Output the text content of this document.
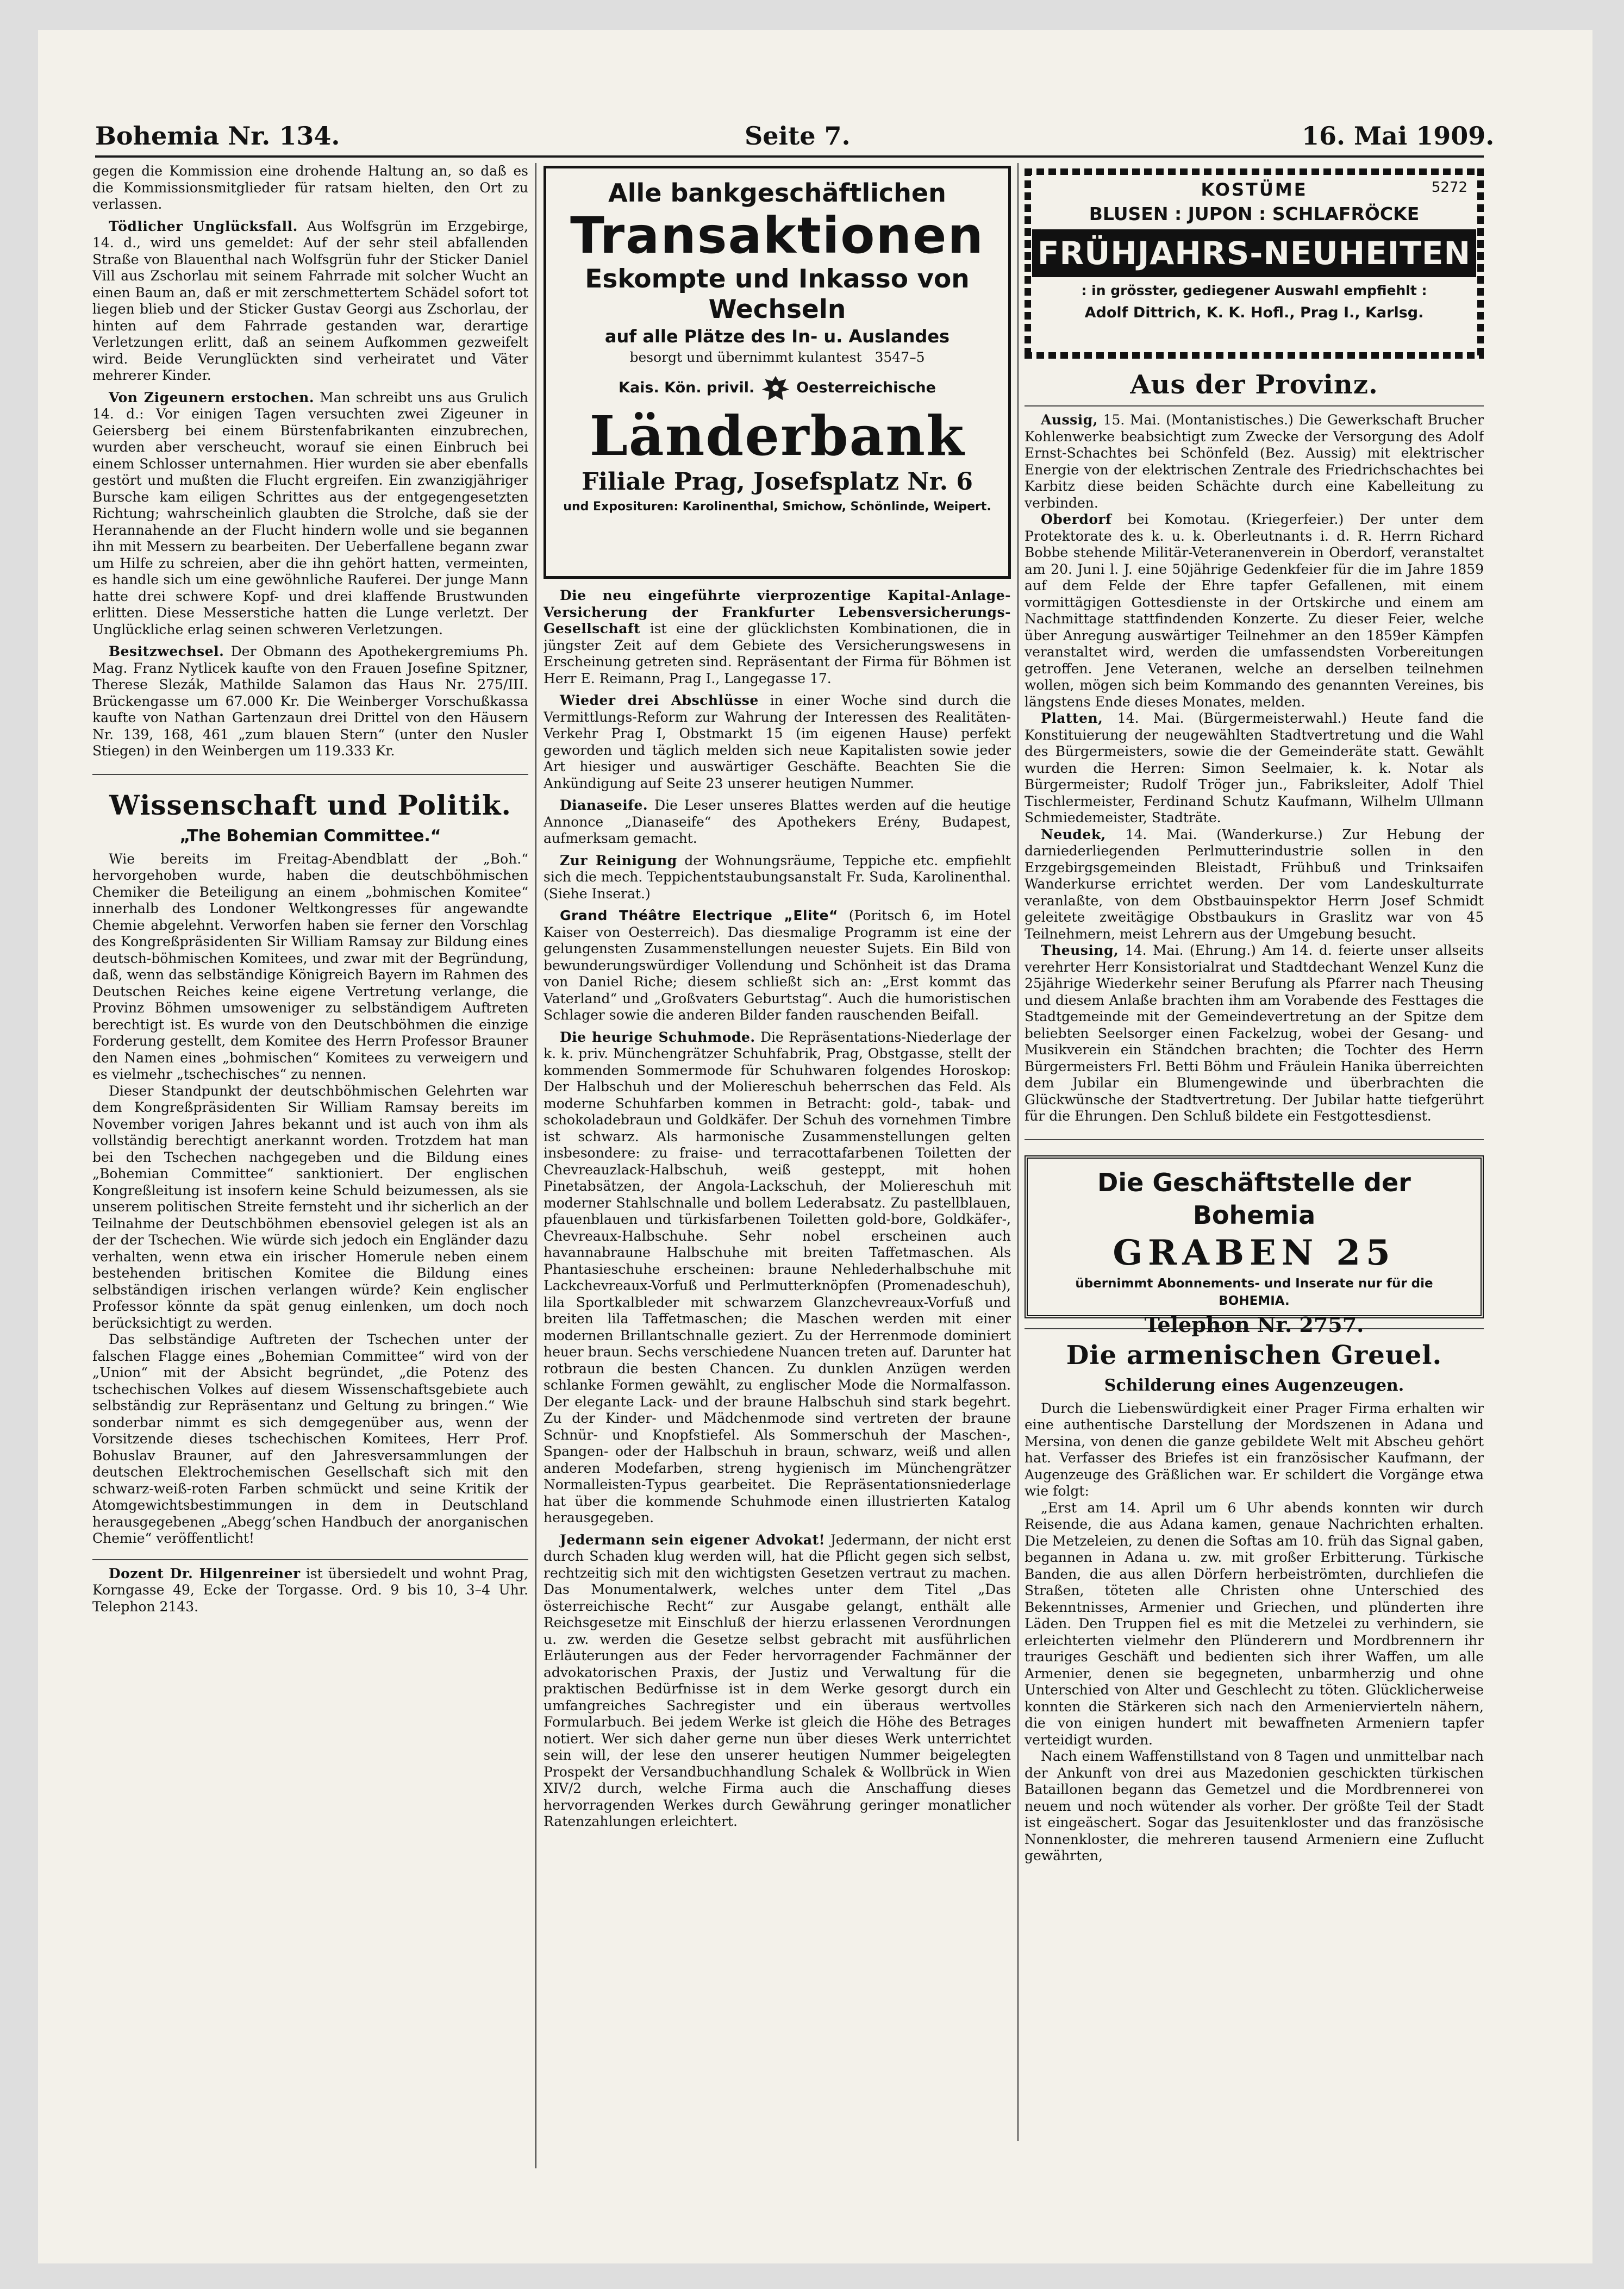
Bohemia Nr. 134.	Seite 7.	16. Mai 1909.

gegen die Kommission eine drohende Haltung an, so daß es die Kommissionsmitglieder für ratsam hielten, den Ort zu verlassen.

Tödlicher Unglücksfall. Aus Wolfsgrün im Erzgebirge, 14. d., wird uns gemeldet: Auf der sehr steil abfallenden Straße von Blauenthal nach Wolfsgrün fuhr der Sticker Daniel Vill aus Zschorlau mit seinem Fahrrade mit solcher Wucht an einen Baum an, daß er mit zerschmettertem Schädel sofort tot liegen blieb und der Sticker Gustav Georgi aus Zschorlau, der hinten auf dem Fahrrade gestanden war, derartige Verletzungen erlitt, daß an seinem Aufkommen gezweifelt wird. Beide Verunglückten sind verheiratet und Väter mehrerer Kinder.

Von Zigeunern erstochen. Man schreibt uns aus Grulich 14. d.: Vor einigen Tagen versuchten zwei Zigeuner in Geiersberg bei einem Bürstenfabrikanten einzubrechen, wurden aber verscheucht, worauf sie einen Einbruch bei einem Schlosser unternahmen. Hier wurden sie aber ebenfalls gestört und mußten die Flucht ergreifen. Ein zwanzigjähriger Bursche kam eiligen Schrittes aus der entgegengesetzten Richtung; wahrscheinlich glaubten die Strolche, daß sie der Herannahende an der Flucht hindern wolle und sie begannen ihn mit Messern zu bearbeiten. Der Ueberfallene begann zwar um Hilfe zu schreien, aber die ihn gehört hatten, vermeinten, es handle sich um eine gewöhnliche Rauferei. Der junge Mann hatte drei schwere Kopf- und drei klaffende Brustwunden erlitten. Diese Messerstiche hatten die Lunge verletzt. Der Unglückliche erlag seinen schweren Verletzungen.

Besitzwechsel. Der Obmann des Apothekergremiums Ph. Mag. Franz Nytlicek kaufte von den Frauen Josefine Spitzner, Therese Slezák, Mathilde Salamon das Haus Nr. 275/III. Brückengasse um 67.000 Kr. Die Weinberger Vorschußkassa kaufte von Nathan Gartenzaun drei Drittel von den Häusern Nr. 139, 168, 461 „zum blauen Stern“ (unter den Nusler Stiegen) in den Weinbergen um 119.333 Kr.

Wissenschaft und Politik.
„The Bohemian Committee.“

Wie bereits im Freitag-Abendblatt der „Boh.“ hervorgehoben wurde, haben die deutschböhmischen Chemiker die Beteiligung an einem „bohmischen Komitee“ innerhalb des Londoner Weltkongresses für angewandte Chemie abgelehnt. Verworfen haben sie ferner den Vorschlag des Kongreßpräsidenten Sir William Ramsay zur Bildung eines deutsch-böhmischen Komitees, und zwar mit der Begründung, daß, wenn das selbständige Königreich Bayern im Rahmen des Deutschen Reiches keine eigene Vertretung verlange, die Provinz Böhmen umsoweniger zu selbständigem Auftreten berechtigt ist. Es wurde von den Deutschböhmen die einzige Forderung gestellt, dem Komitee des Herrn Professor Brauner den Namen eines „bohmischen“ Komitees zu verweigern und es vielmehr „tschechisches“ zu nennen.

Dieser Standpunkt der deutschböhmischen Gelehrten war dem Kongreßpräsidenten Sir William Ramsay bereits im November vorigen Jahres bekannt und ist auch von ihm als vollständig berechtigt anerkannt worden. Trotzdem hat man bei den Tschechen nachgegeben und die Bildung eines „Bohemian Committee“ sanktioniert. Der englischen Kongreßleitung ist insofern keine Schuld beizumessen, als sie unserem politischen Streite fernsteht und ihr sicherlich an der Teilnahme der Deutschböhmen ebensoviel gelegen ist als an der der Tschechen. Wie würde sich jedoch ein Engländer dazu verhalten, wenn etwa ein irischer Homerule neben einem bestehenden britischen Komitee die Bildung eines selbständigen irischen verlangen würde? Kein englischer Professor könnte da spät genug einlenken, um doch noch berücksichtigt zu werden.

Das selbständige Auftreten der Tschechen unter der falschen Flagge eines „Bohemian Committee“ wird von der „Union“ mit der Absicht begründet, „die Potenz des tschechischen Volkes auf diesem Wissenschaftsgebiete auch selbständig zur Repräsentanz und Geltung zu bringen.“ Wie sonderbar nimmt es sich demgegenüber aus, wenn der Vorsitzende dieses tschechischen Komitees, Herr Prof. Bohuslav Brauner, auf den Jahresversammlungen der deutschen Elektrochemischen Gesellschaft sich mit den schwarz-weiß-roten Farben schmückt und seine Kritik der Atomgewichtsbestimmungen in dem in Deutschland herausgegebenen „Abegg’schen Handbuch der anorganischen Chemie“ veröffentlicht!

Dozent Dr. Hilgenreiner ist übersiedelt und wohnt Prag, Korngasse 49, Ecke der Torgasse. Ord. 9 bis 10, 3–4 Uhr. Telephon 2143.

Alle bankgeschäftlichen
Transaktionen
Eskompte und Inkasso von Wechseln
auf alle Plätze des In- u. Auslandes
besorgt und übernimmt kulantest 3547–5
Kais. Kön. privil.	Oesterreichische
Länderbank
Filiale Prag, Josefsplatz Nr. 6
und Exposituren: Karolinenthal, Smichow, Schönlinde, Weipert.

Die neu eingeführte vierprozentige Kapital-Anlage-Versicherung der Frankfurter Lebensversicherungs-Gesellschaft ist eine der glücklichsten Kombinationen, die in jüngster Zeit auf dem Gebiete des Versicherungswesens in Erscheinung getreten sind. Repräsentant der Firma für Böhmen ist Herr E. Reimann, Prag I., Langegasse 17.

Wieder drei Abschlüsse in einer Woche sind durch die Vermittlungs-Reform zur Wahrung der Interessen des Realitäten-Verkehr Prag I, Obstmarkt 15 (im eigenen Hause) perfekt geworden und täglich melden sich neue Kapitalisten sowie jeder Art hiesiger und auswärtiger Geschäfte. Beachten Sie die Ankündigung auf Seite 23 unserer heutigen Nummer.

Dianaseife. Die Leser unseres Blattes werden auf die heutige Annonce „Dianaseife“ des Apothekers Erény, Budapest, aufmerksam gemacht.

Zur Reinigung der Wohnungsräume, Teppiche etc. empfiehlt sich die mech. Teppichentstaubungsanstalt Fr. Suda, Karolinenthal. (Siehe Inserat.)

Grand Théâtre Electrique „Elite“ (Poritsch 6, im Hotel Kaiser von Oesterreich). Das diesmalige Programm ist eine der gelungensten Zusammenstellungen neuester Sujets. Ein Bild von bewunderungswürdiger Vollendung und Schönheit ist das Drama von Daniel Riche; diesem schließt sich an: „Erst kommt das Vaterland“ und „Großvaters Geburtstag“. Auch die humoristischen Schlager sowie die anderen Bilder fanden rauschenden Beifall.

Die heurige Schuhmode. Die Repräsentations-Niederlage der k. k. priv. Münchengrätzer Schuhfabrik, Prag, Obstgasse, stellt der kommenden Sommermode für Schuhwaren folgendes Horoskop: Der Halbschuh und der Moliereschuh beherrschen das Feld. Als moderne Schuhfarben kommen in Betracht: gold-, tabak- und schokoladebraun und Goldkäfer. Der Schuh des vornehmen Timbre ist schwarz. Als harmonische Zusammenstellungen gelten insbesondere: zu fraise- und terracottafarbenen Toiletten der Chevreauzlack-Halbschuh, weiß gesteppt, mit hohen Pinetabsätzen, der Angola-Lackschuh, der Moliereschuh mit moderner Stahlschnalle und bollem Lederabsatz. Zu pastellblauen, pfauenblauen und türkisfarbenen Toiletten gold-bore, Goldkäfer-, Chevreaux-Halbschuhe. Sehr nobel erscheinen auch havannabraune Halbschuhe mit breiten Taffetmaschen. Als Phantasieschuhe erscheinen: braune Nehlederhalbschuhe mit Lackchevreaux-Vorfuß und Perlmutterknöpfen (Promenadeschuh), lila Sportkalbleder mit schwarzem Glanzchevreaux-Vorfuß und breiten lila Taffetmaschen; die Maschen werden mit einer modernen Brillantschnalle geziert. Zu der Herrenmode dominiert heuer braun. Sechs verschiedene Nuancen treten auf. Darunter hat rotbraun die besten Chancen. Zu dunklen Anzügen werden schlanke Formen gewählt, zu englischer Mode die Normalfasson. Der elegante Lack- und der braune Halbschuh sind stark begehrt. Zu der Kinder- und Mädchenmode sind vertreten der braune Schnür- und Knopfstiefel. Als Sommerschuh der Maschen-, Spangen- oder der Halbschuh in braun, schwarz, weiß und allen anderen Modefarben, streng hygienisch im Münchengrätzer Normalleisten-Typus gearbeitet. Die Repräsentationsniederlage hat über die kommende Schuhmode einen illustrierten Katalog herausgegeben.

Jedermann sein eigener Advokat! Jedermann, der nicht erst durch Schaden klug werden will, hat die Pflicht gegen sich selbst, rechtzeitig sich mit den wichtigsten Gesetzen vertraut zu machen. Das Monumentalwerk, welches unter dem Titel „Das österreichische Recht“ zur Ausgabe gelangt, enthält alle Reichsgesetze mit Einschluß der hierzu erlassenen Verordnungen u. zw. werden die Gesetze selbst gebracht mit ausführlichen Erläuterungen aus der Feder hervorragender Fachmänner der advokatorischen Praxis, der Justiz und Verwaltung für die praktischen Bedürfnisse ist in dem Werke gesorgt durch ein umfangreiches Sachregister und ein überaus wertvolles Formularbuch. Bei jedem Werke ist gleich die Höhe des Betrages notiert. Wer sich daher gerne nun über dieses Werk unterrichtet sein will, der lese den unserer heutigen Nummer beigelegten Prospekt der Versandbuchhandlung Schalek & Wollbrück in Wien XIV/2 durch, welche Firma auch die Anschaffung dieses hervorragenden Werkes durch Gewährung geringer monatlicher Ratenzahlungen erleichtert.

KOSTÜME	5272
BLUSEN : JUPON : SCHLAFRÖCKE
FRÜHJAHRS-NEUHEITEN
: in grösster, gediegener Auswahl empfiehlt :
Adolf Dittrich, K. K. Hofl., Prag I., Karlsg.
Aus der Provinz.

Aussig, 15. Mai. (Montanistisches.) Die Gewerkschaft Brucher Kohlenwerke beabsichtigt zum Zwecke der Versorgung des Adolf Ernst-Schachtes bei Schönfeld (Bez. Aussig) mit elektrischer Energie von der elektrischen Zentrale des Friedrichschachtes bei Karbitz diese beiden Schächte durch eine Kabelleitung zu verbinden.

Oberdorf bei Komotau. (Kriegerfeier.) Der unter dem Protektorate des k. u. k. Oberleutnants i. d. R. Herrn Richard Bobbe stehende Militär-Veteranenverein in Oberdorf, veranstaltet am 20. Juni l. J. eine 50jährige Gedenkfeier für die im Jahre 1859 auf dem Felde der Ehre tapfer Gefallenen, mit einem vormittägigen Gottesdienste in der Ortskirche und einem am Nachmittage stattfindenden Konzerte. Zu dieser Feier, welche über Anregung auswärtiger Teilnehmer an den 1859er Kämpfen veranstaltet wird, werden die umfassendsten Vorbereitungen getroffen. Jene Veteranen, welche an derselben teilnehmen wollen, mögen sich beim Kommando des genannten Vereines, bis längstens Ende dieses Monates, melden.

Platten, 14. Mai. (Bürgermeisterwahl.) Heute fand die Konstituierung der neugewählten Stadtvertretung und die Wahl des Bürgermeisters, sowie die der Gemeinderäte statt. Gewählt wurden die Herren: Simon Seelmaier, k. k. Notar als Bürgermeister; Rudolf Tröger jun., Fabriksleiter, Adolf Thiel Tischlermeister, Ferdinand Schutz Kaufmann, Wilhelm Ullmann Schmiedemeister, Stadträte.

Neudek, 14. Mai. (Wanderkurse.) Zur Hebung der darniederliegenden Perlmutterindustrie sollen in den Erzgebirgsgemeinden Bleistadt, Frühbuß und Trinksaifen Wanderkurse errichtet werden. Der vom Landeskulturrate veranlaßte, von dem Obstbauinspektor Herrn Josef Schmidt geleitete zweitägige Obstbaukurs in Graslitz war von 45 Teilnehmern, meist Lehrern aus der Umgebung besucht.

Theusing, 14. Mai. (Ehrung.) Am 14. d. feierte unser allseits verehrter Herr Konsistorialrat und Stadtdechant Wenzel Kunz die 25jährige Wiederkehr seiner Berufung als Pfarrer nach Theusing und diesem Anlaße brachten ihm am Vorabende des Festtages die Stadtgemeinde mit der Gemeindevertretung an der Spitze dem beliebten Seelsorger einen Fackelzug, wobei der Gesang- und Musikverein ein Ständchen brachten; die Tochter des Herrn Bürgermeisters Frl. Betti Böhm und Fräulein Hanika überreichten dem Jubilar ein Blumengewinde und überbrachten die Glückwünsche der Stadtvertretung. Der Jubilar hatte tiefgerührt für die Ehrungen. Den Schluß bildete ein Festgottesdienst.

Die Geschäftstelle der Bohemia
GRABEN 25
übernimmt Abonnements- und Inserate nur für die BOHEMIA.
Telephon Nr. 2757.
Die armenischen Greuel.
Schilderung eines Augenzeugen.

Durch die Liebenswürdigkeit einer Prager Firma erhalten wir eine authentische Darstellung der Mordszenen in Adana und Mersina, von denen die ganze gebildete Welt mit Abscheu gehört hat. Verfasser des Briefes ist ein französischer Kaufmann, der Augenzeuge des Gräßlichen war. Er schildert die Vorgänge etwa wie folgt:

„Erst am 14. April um 6 Uhr abends konnten wir durch Reisende, die aus Adana kamen, genaue Nachrichten erhalten. Die Metzeleien, zu denen die Softas am 10. früh das Signal gaben, begannen in Adana u. zw. mit großer Erbitterung. Türkische Banden, die aus allen Dörfern herbeiströmten, durchliefen die Straßen, töteten alle Christen ohne Unterschied des Bekenntnisses, Armenier und Griechen, und plünderten ihre Läden. Den Truppen fiel es mit die Metzelei zu verhindern, sie erleichterten vielmehr den Plünderern und Mordbrennern ihr trauriges Geschäft und bedienten sich ihrer Waffen, um alle Armenier, denen sie begegneten, unbarmherzig und ohne Unterschied von Alter und Geschlecht zu töten. Glücklicherweise konnten die Stärkeren sich nach den Armeniervierteln nähern, die von einigen hundert mit bewaffneten Armeniern tapfer verteidigt wurden.

Nach einem Waffenstillstand von 8 Tagen und unmittelbar nach der Ankunft von drei aus Mazedonien geschickten türkischen Bataillonen begann das Gemetzel und die Mordbrennerei von neuem und noch wütender als vorher. Der größte Teil der Stadt ist eingeäschert. Sogar das Jesuitenkloster und das französische Nonnenkloster, die mehreren tausend Armeniern eine Zuflucht gewährten,
